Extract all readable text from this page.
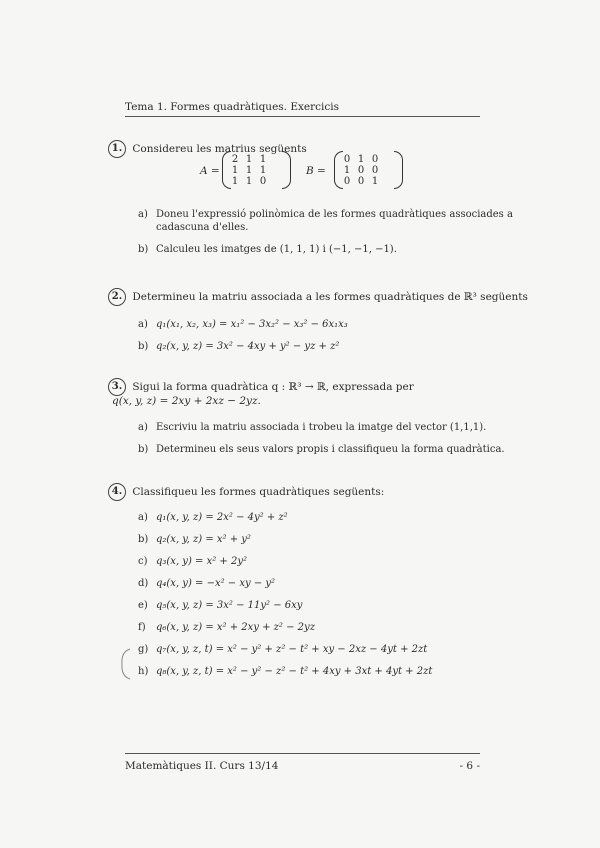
Tema 1. Formes quadràtiques. Exercicis
1. Considereu les matrius següents
A =
2 1 1
1 1 1
1 1 0
B =
0 1 0
1 0 0
0 0 1
a) Doneu l'expressió polinòmica de les formes quadràtiques associades a
cadascuna d'elles.
b) Calculeu les imatges de (1, 1, 1) i (−1, −1, −1).
2. Determineu la matriu associada a les formes quadràtiques de ℝ³ següents
a) q₁(x₁, x₂, x₃) = x₁² − 3x₂² − x₃² − 6x₁x₃
b) q₂(x, y, z) = 3x² − 4xy + y² − yz + z²
3. Sigui la forma quadràtica q : ℝ³ → ℝ, expressada per
q(x, y, z) = 2xy + 2xz − 2yz.
a) Escriviu la matriu associada i trobeu la imatge del vector (1,1,1).
b) Determineu els seus valors propis i classifiqueu la forma quadràtica.
4. Classifiqueu les formes quadràtiques següents:
a) q₁(x, y, z) = 2x² − 4y² + z²
b) q₂(x, y, z) = x² + y²
c) q₃(x, y) = x² + 2y²
d) q₄(x, y) = −x² − xy − y²
e) q₅(x, y, z) = 3x² − 11y² − 6xy
f) q₆(x, y, z) = x² + 2xy + z² − 2yz
g) q₇(x, y, z, t) = x² − y² + z² − t² + xy − 2xz − 4yt + 2zt
h) q₈(x, y, z, t) = x² − y² − z² − t² + 4xy + 3xt + 4yt + 2zt
Matemàtiques II. Curs 13/14	- 6 -
